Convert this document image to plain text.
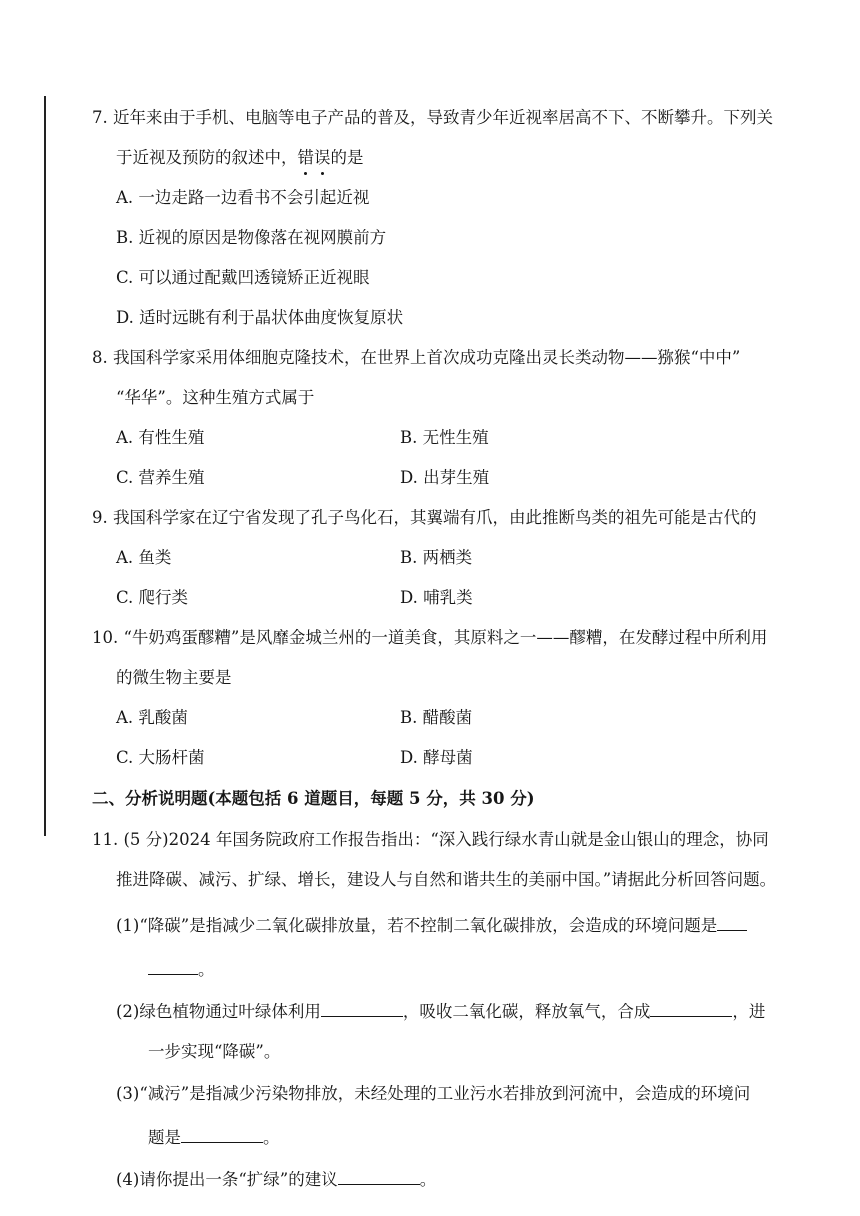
7. 近年来由于手机、电脑等电子产品的普及，导致青少年近视率居高不下、不断攀升。下列关
于近视及预防的叙述中，错误的是
A. 一边走路一边看书不会引起近视
B. 近视的原因是物像落在视网膜前方
C. 可以通过配戴凹透镜矫正近视眼
D. 适时远眺有利于晶状体曲度恢复原状
8. 我国科学家采用体细胞克隆技术，在世界上首次成功克隆出灵长类动物——猕猴“中中”
“华华”。这种生殖方式属于
A. 有性生殖	B. 无性生殖
C. 营养生殖	D. 出芽生殖
9. 我国科学家在辽宁省发现了孔子鸟化石，其翼端有爪，由此推断鸟类的祖先可能是古代的
A. 鱼类	B. 两栖类
C. 爬行类	D. 哺乳类
10. “牛奶鸡蛋醪糟”是风靡金城兰州的一道美食，其原料之一——醪糟，在发酵过程中所利用
的微生物主要是
A. 乳酸菌	B. 醋酸菌
C. 大肠杆菌	D. 酵母菌
二、分析说明题(本题包括 6 道题目，每题 5 分，共 30 分)
11. (5 分)2024 年国务院政府工作报告指出：“深入践行绿水青山就是金山银山的理念，协同
推进降碳、减污、扩绿、增长，建设人与自然和谐共生的美丽中国。”请据此分析回答问题。
(1)“降碳”是指减少二氧化碳排放量，若不控制二氧化碳排放，会造成的环境问题是
。
(2)绿色植物通过叶绿体利用	，吸收二氧化碳，释放氧气，合成	，进
一步实现“降碳”。
(3)“减污”是指减少污染物排放，未经处理的工业污水若排放到河流中，会造成的环境问
题是	。
(4)请你提出一条“扩绿”的建议	。
